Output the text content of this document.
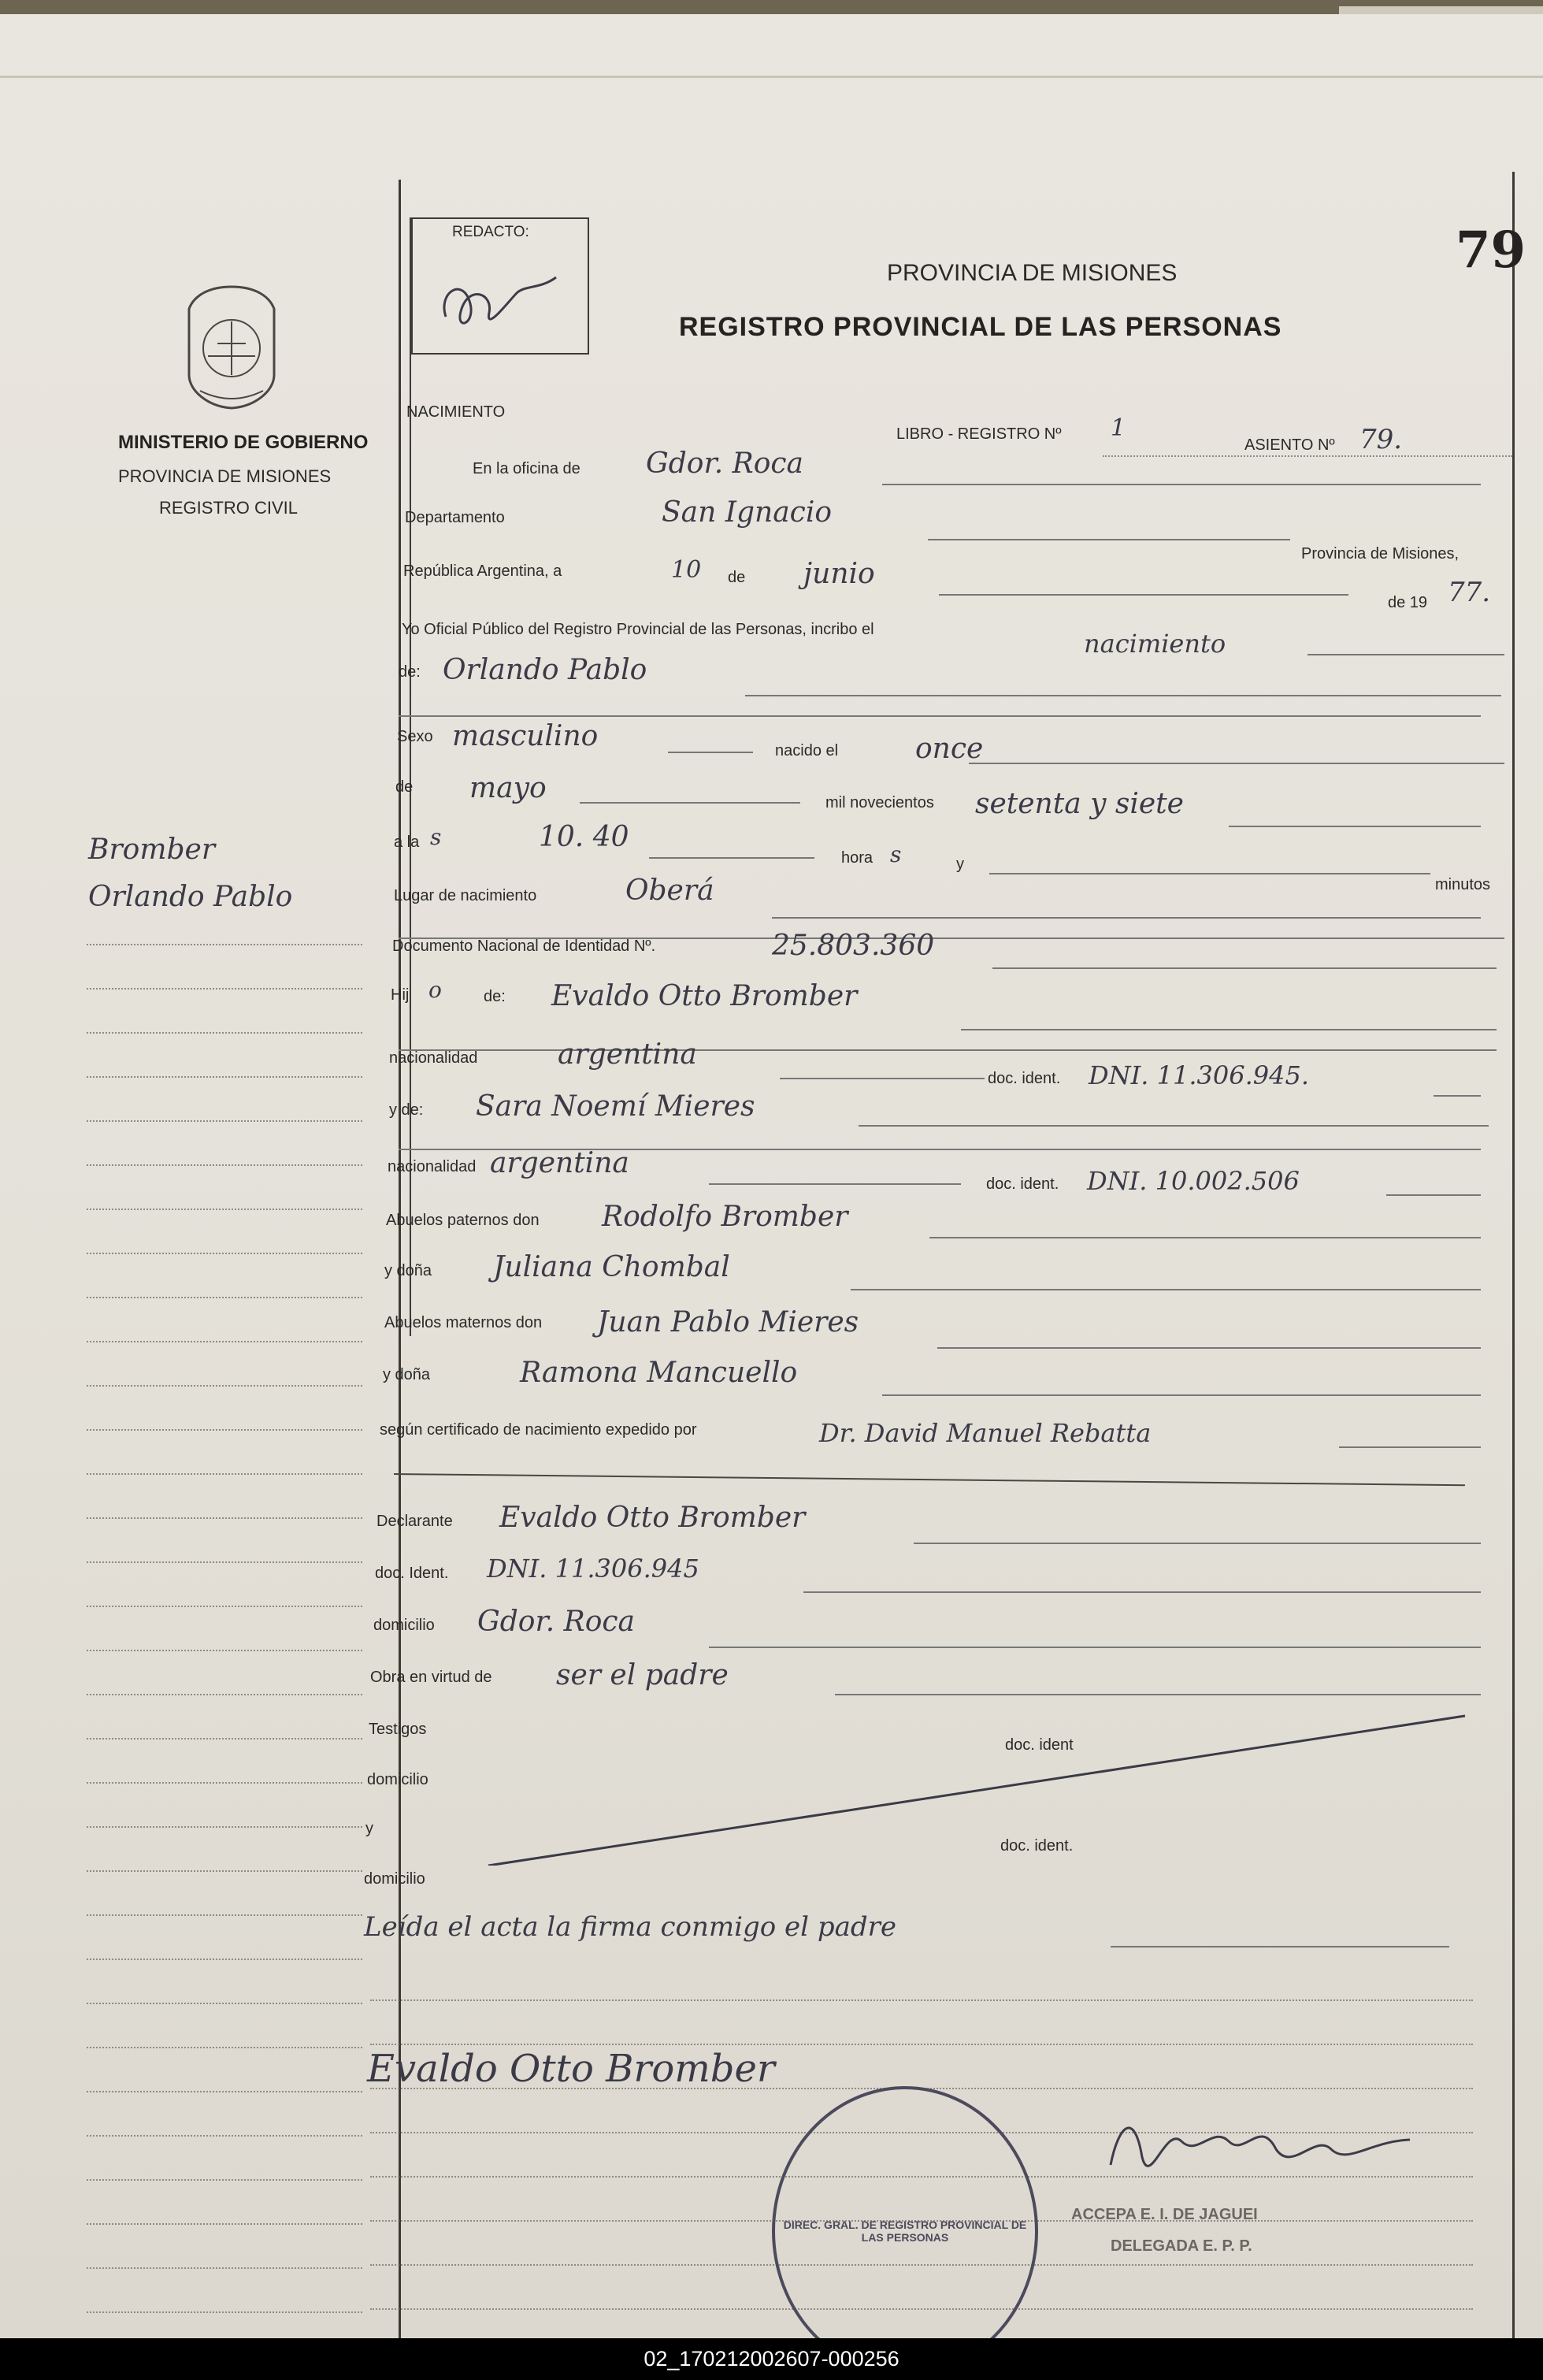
REDACTO:	79
PROVINCIA DE MISIONES
REGISTRO PROVINCIAL DE LAS PERSONAS
MINISTERIO DE GOBIERNO
PROVINCIA DE MISIONES
REGISTRO CIVIL
Bromber
Orlando Pablo
NACIMIENTO
LIBRO - REGISTRO Nº 1
ASIENTO Nº 79.
En la oficina de Gdor. Roca
Departamento	San Ignacio
Provincia de Misiones,
República Argentina, a	10 de junio
de 19 77.
Yo Oficial Público del Registro Provincial de las Personas, incribo el	nacimiento
de: Orlando Pablo
Sexo masculino	nacido el	once
de mayo	mil novecientos setenta y siete
a la s	10. 40
hora s	y
minutos
Lugar de nacimiento	Oberá
Documento Nacional de Identidad Nº.	25.803.360
Hij o	de: Evaldo Otto Bromber
nacionalidad	argentina
doc. ident. DNI. 11.306.945.
y de: Sara Noemí Mieres
nacionalidad argentina
doc. ident. DNI. 10.002.506
Abuelos paternos don Rodolfo Bromber
y doña Juliana Chombal
Abuelos maternos don Juan Pablo Mieres
y doña	Ramona Mancuello
según certificado de nacimiento expedido por	Dr. David Manuel Rebatta
Declarante Evaldo Otto Bromber
doc. Ident. DNI. 11.306.945
domicilio Gdor. Roca
Obra en virtud de ser el padre
Testigos
doc. ident
domicilio
y
doc. ident.
domicilio
Leída el acta la firma conmigo el padre
Evaldo Otto Bromber
DIREC. GRAL. DE REGISTRO PROVINCIAL DE LAS PERSONAS
ACCEPA E. I. DE JAGUEI
DELEGADA E. P. P.
02_170212002607-000256
